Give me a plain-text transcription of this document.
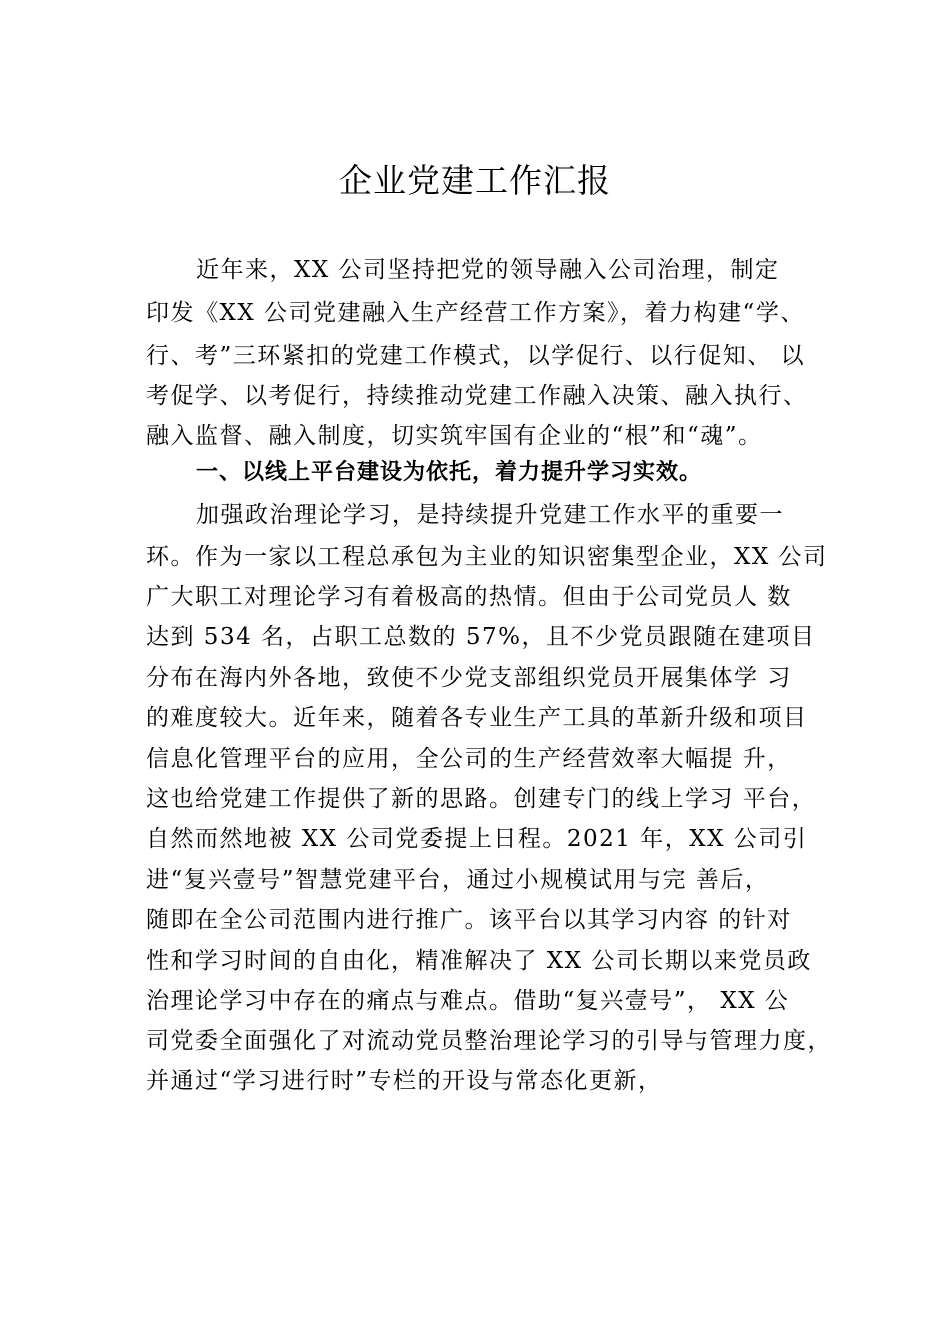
企业党建工作汇报
近年来，XX 公司坚持把党的领导融入公司治理，制定
印发《XX 公司党建融入生产经营工作方案》，着力构建“学、
行、考”三环紧扣的党建工作模式，以学促行、以行促知、 以
考促学、以考促行，持续推动党建工作融入决策、融入执行、
融入监督、融入制度，切实筑牢国有企业的“根”和“魂”。
一、以线上平台建设为依托，着力提升学习实效。
加强政治理论学习，是持续提升党建工作水平的重要一
环。作为一家以工程总承包为主业的知识密集型企业，XX 公司
广大职工对理论学习有着极高的热情。但由于公司党员人 数
达到 534 名，占职工总数的 57%，且不少党员跟随在建项目
分布在海内外各地，致使不少党支部组织党员开展集体学 习
的难度较大。近年来，随着各专业生产工具的革新升级和项目
信息化管理平台的应用，全公司的生产经营效率大幅提 升，
这也给党建工作提供了新的思路。创建专门的线上学习 平台，
自然而然地被 XX 公司党委提上日程。2021 年，XX 公司引
进“复兴壹号”智慧党建平台，通过小规模试用与完 善后，
随即在全公司范围内进行推广。该平台以其学习内容 的针对
性和学习时间的自由化，精准解决了 XX 公司长期以来党员政
治理论学习中存在的痛点与难点。借助“复兴壹号”， XX 公
司党委全面强化了对流动党员整治理论学习的引导与管理力度，
并通过“学习进行时”专栏的开设与常态化更新，
